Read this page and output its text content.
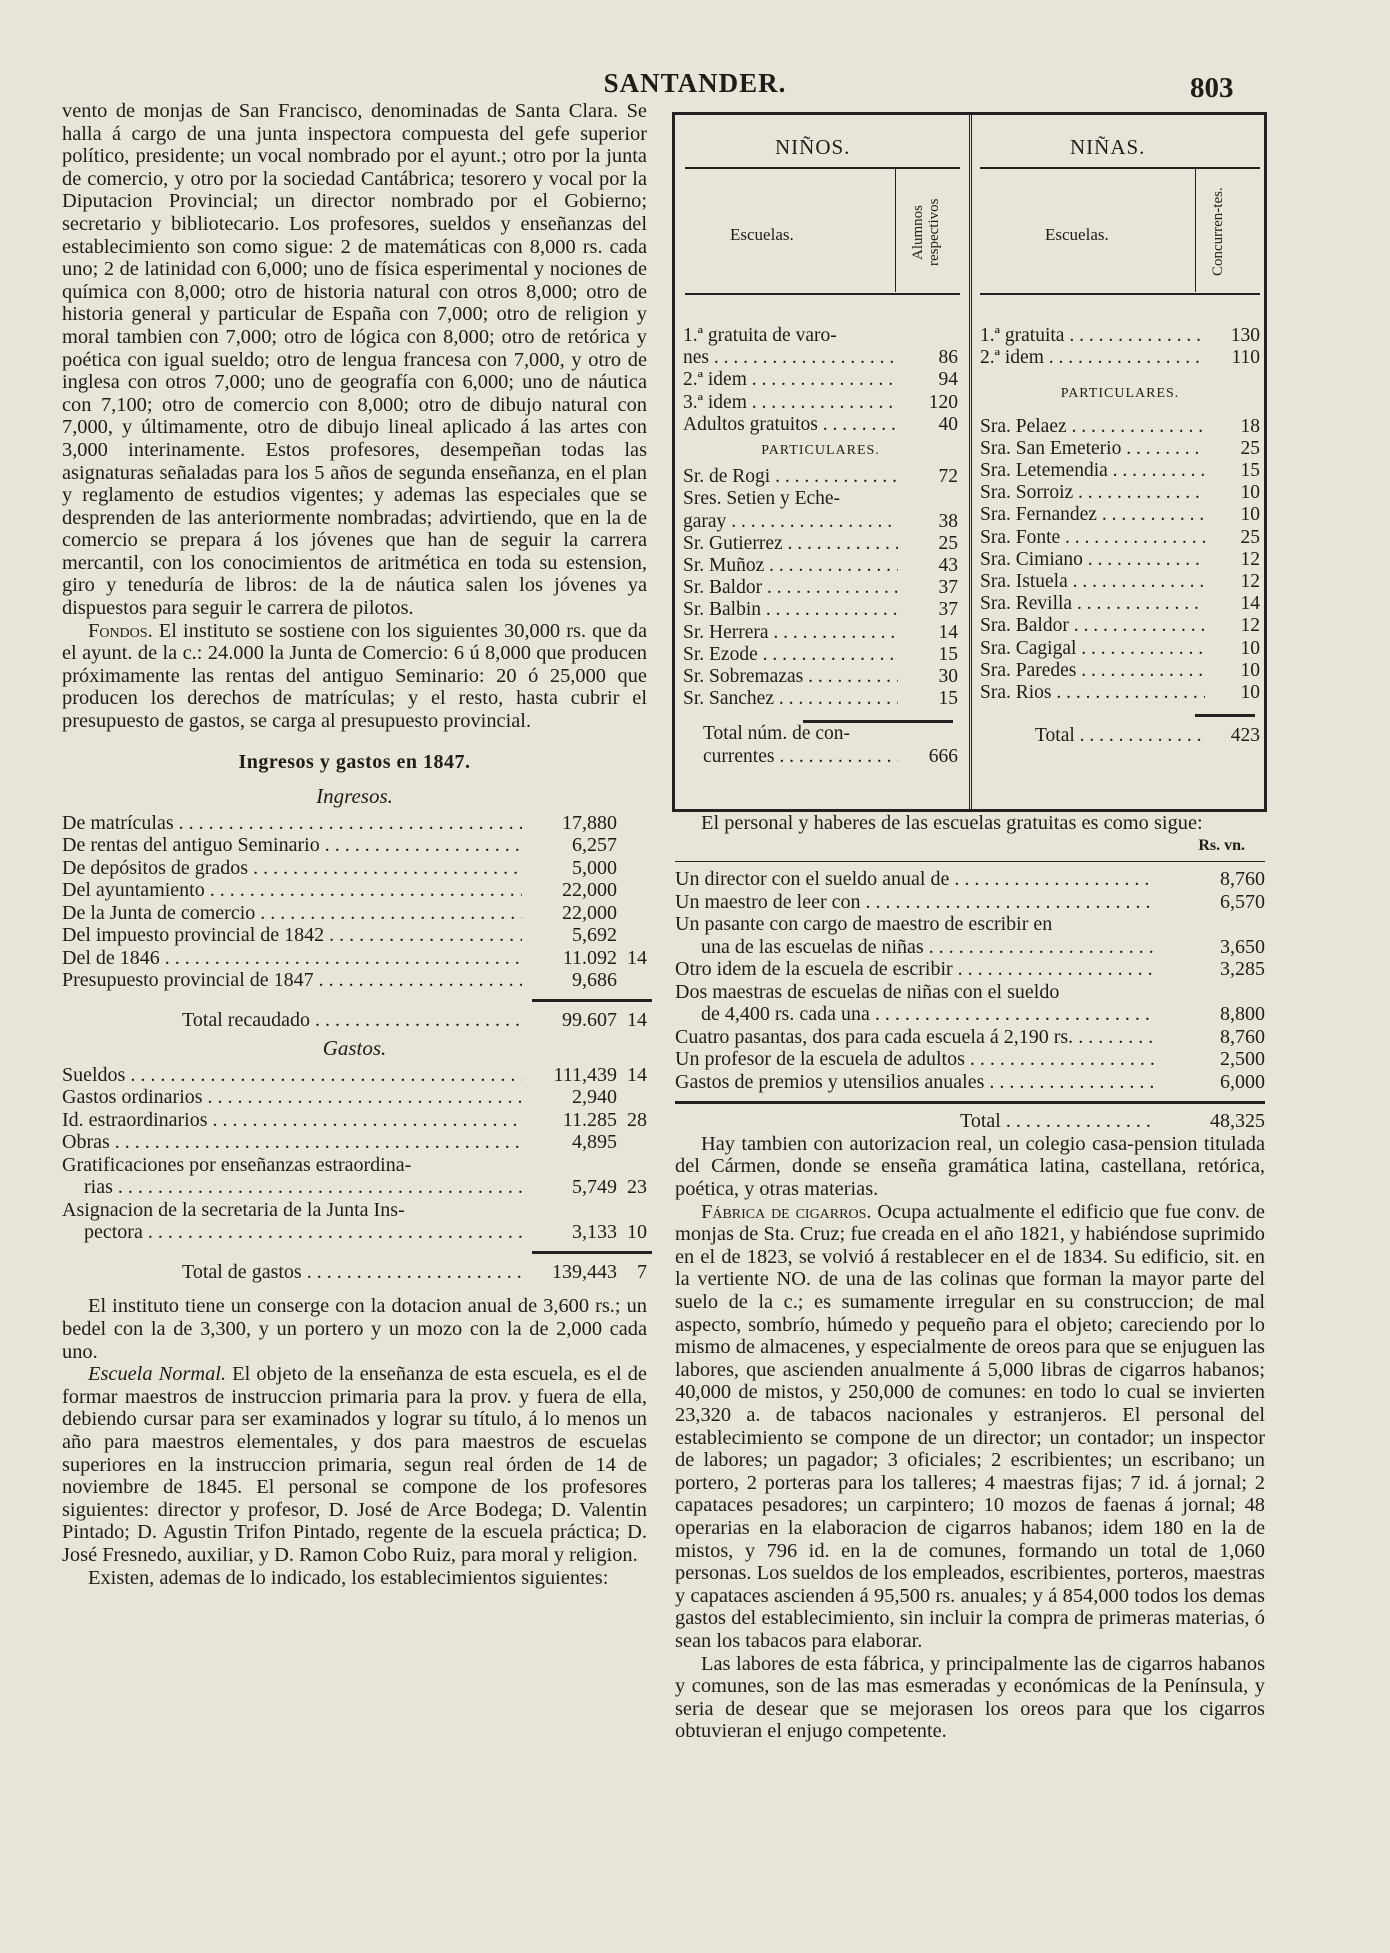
SANTANDER.	803

vento de monjas de San Francisco, denominadas de Santa Clara. Se halla á cargo de una junta inspectora compuesta del gefe superior político, presidente; un vocal nombrado por el ayunt.; otro por la junta de comercio, y otro por la sociedad Cantábrica; tesorero y vocal por la Diputacion Provincial; un director nombrado por el Gobierno; secretario y bibliotecario. Los profesores, sueldos y enseñanzas del establecimiento son como sigue: 2 de matemáticas con 8,000 rs. cada uno; 2 de latinidad con 6,000; uno de física esperimental y nociones de química con 8,000; otro de historia natural con otros 8,000; otro de historia general y particular de España con 7,000; otro de religion y moral tambien con 7,000; otro de lógica con 8,000; otro de retórica y poética con igual sueldo; otro de lengua francesa con 7,000, y otro de inglesa con otros 7,000; uno de geografía con 6,000; uno de náutica con 7,100; otro de comercio con 8,000; otro de dibujo natural con 7,000, y últimamente, otro de dibujo lineal aplicado á las artes con 3,000 interinamente. Estos profesores, desempeñan todas las asignaturas señaladas para los 5 años de segunda enseñanza, en el plan y reglamento de estudios vigentes; y ademas las especiales que se desprenden de las anteriormente nombradas; advirtiendo, que en la de comercio se prepara á los jóvenes que han de seguir la carrera mercantil, con los conocimientos de aritmética en toda su estension, giro y teneduría de libros: de la de náutica salen los jóvenes ya dispuestos para seguir le carrera de pilotos.

Fondos. El instituto se sostiene con los siguientes 30,000 rs. que da el ayunt. de la c.: 24.000 la Junta de Comercio: 6 ú 8,000 que producen próximamente las rentas del antiguo Seminario: 20 ó 25,000 que producen los derechos de matrículas; y el resto, hasta cubrir el presupuesto de gastos, se carga al presupuesto provincial.

Ingresos y gastos en 1847.
Ingresos.
De matrículas . . .	17,880
De rentas del antiguo Seminario . . .	6,257
De depósitos de grados . . .	5,000
Del ayuntamiento . . .	22,000
De la Junta de comercio . . .	22,000
Del impuesto provincial de 1842 . . .	5,692
Del de 1846 . . .	11.092 14
Presupuesto provincial de 1847 . . .	9,686
Total recaudado . . .	99.607 14
Gastos.
Sueldos . . .	111,439 14
Gastos ordinarios . . .	2,940
Id. estraordinarios . . .	11.285 28
Obras . . .	4,895
Gratificaciones por enseñanzas estraordina-
rias . . .	5,749 23
Asignacion de la secretaria de la Junta Ins-
pectora . . .	3,133 10
Total de gastos . . .	139,443	7

El instituto tiene un conserge con la dotacion anual de 3,600 rs.; un bedel con la de 3,300, y un portero y un mozo con la de 2,000 cada uno.

Escuela Normal. El objeto de la enseñanza de esta escuela, es el de formar maestros de instruccion primaria para la prov. y fuera de ella, debiendo cursar para ser examinados y lograr su título, á lo menos un año para maestros elementales, y dos para maestros de escuelas superiores en la instruccion primaria, segun real órden de 14 de noviembre de 1845. El personal se compone de los profesores siguientes: director y profesor, D. José de Arce Bodega; D. Valentin Pintado; D. Agustin Trifon Pintado, regente de la escuela práctica; D. José Fresnedo, auxiliar, y D. Ramon Cobo Ruiz, para moral y religion.

Existen, ademas de lo indicado, los establecimientos siguientes:

NIÑOS.	NIÑAS.
Escuelas.	Escuelas.
Alumnos respectivos	Concurren-tes.
1.ª gratuita de varo-
nes . . .	86
2.ª idem . . .	94
3.ª idem . . .	120
Adultos gratuitos . . .	40
PARTICULARES.
Sr. de Rogi . . .	72
Sres. Setien y Eche-
garay . . .	38
Sr. Gutierrez . . .	25
Sr. Muñoz . . .	43
Sr. Baldor . . .	37
Sr. Balbin . . .	37
Sr. Herrera . . .	14
Sr. Ezode . . .	15
Sr. Sobremazas . . .	30
Sr. Sanchez . . .	15
Total núm. de con-
currentes . . .	666
1.ª gratuita . . .	130
2.ª idem . . .	110
PARTICULARES.
Sra. Pelaez . . .	18
Sra. San Emeterio . . .	25
Sra. Letemendia . . .	15
Sra. Sorroiz . . .	10
Sra. Fernandez . . .	10
Sra. Fonte . . .	25
Sra. Cimiano . . .	12
Sra. Istuela . . .	12
Sra. Revilla . . .	14
Sra. Baldor . . .	12
Sra. Cagigal . . .	10
Sra. Paredes . . .	10
Sra. Rios . . .	10
Total . . .	423

El personal y haberes de las escuelas gratuitas es como sigue:

Rs. vn.
Un director con el sueldo anual de . . .	8,760
Un maestro de leer con . . .	6,570
Un pasante con cargo de maestro de escribir en
una de las escuelas de niñas . . .	3,650
Otro idem de la escuela de escribir . . .	3,285
Dos maestras de escuelas de niñas con el sueldo
de 4,400 rs. cada una . . .	8,800
Cuatro pasantas, dos para cada escuela á 2,190 rs. . . .	8,760
Un profesor de la escuela de adultos . . .	2,500
Gastos de premios y utensilios anuales . . .	6,000
Total . . .	48,325

Hay tambien con autorizacion real, un colegio casa-pension titulada del Cármen, donde se enseña gramática latina, castellana, retórica, poética, y otras materias.

Fábrica de cigarros. Ocupa actualmente el edificio que fue conv. de monjas de Sta. Cruz; fue creada en el año 1821, y habiéndose suprimido en el de 1823, se volvió á restablecer en el de 1834. Su edificio, sit. en la vertiente NO. de una de las colinas que forman la mayor parte del suelo de la c.; es sumamente irregular en su construccion; de mal aspecto, sombrío, húmedo y pequeño para el objeto; careciendo por lo mismo de almacenes, y especialmente de oreos para que se enjuguen las labores, que ascienden anualmente á 5,000 libras de cigarros habanos; 40,000 de mistos, y 250,000 de comunes: en todo lo cual se invierten 23,320 a. de tabacos nacionales y estranjeros. El personal del establecimiento se compone de un director; un contador; un inspector de labores; un pagador; 3 oficiales; 2 escribientes; un escribano; un portero, 2 porteras para los talleres; 4 maestras fijas; 7 id. á jornal; 2 capataces pesadores; un carpintero; 10 mozos de faenas á jornal; 48 operarias en la elaboracion de cigarros habanos; idem 180 en la de mistos, y 796 id. en la de comunes, formando un total de 1,060 personas. Los sueldos de los empleados, escribientes, porteros, maestras y capataces ascienden á 95,500 rs. anuales; y á 854,000 todos los demas gastos del establecimiento, sin incluir la compra de primeras materias, ó sean los tabacos para elaborar.

Las labores de esta fábrica, y principalmente las de cigarros habanos y comunes, son de las mas esmeradas y económicas de la Península, y seria de desear que se mejorasen los oreos para que los cigarros obtuvieran el enjugo competente.
